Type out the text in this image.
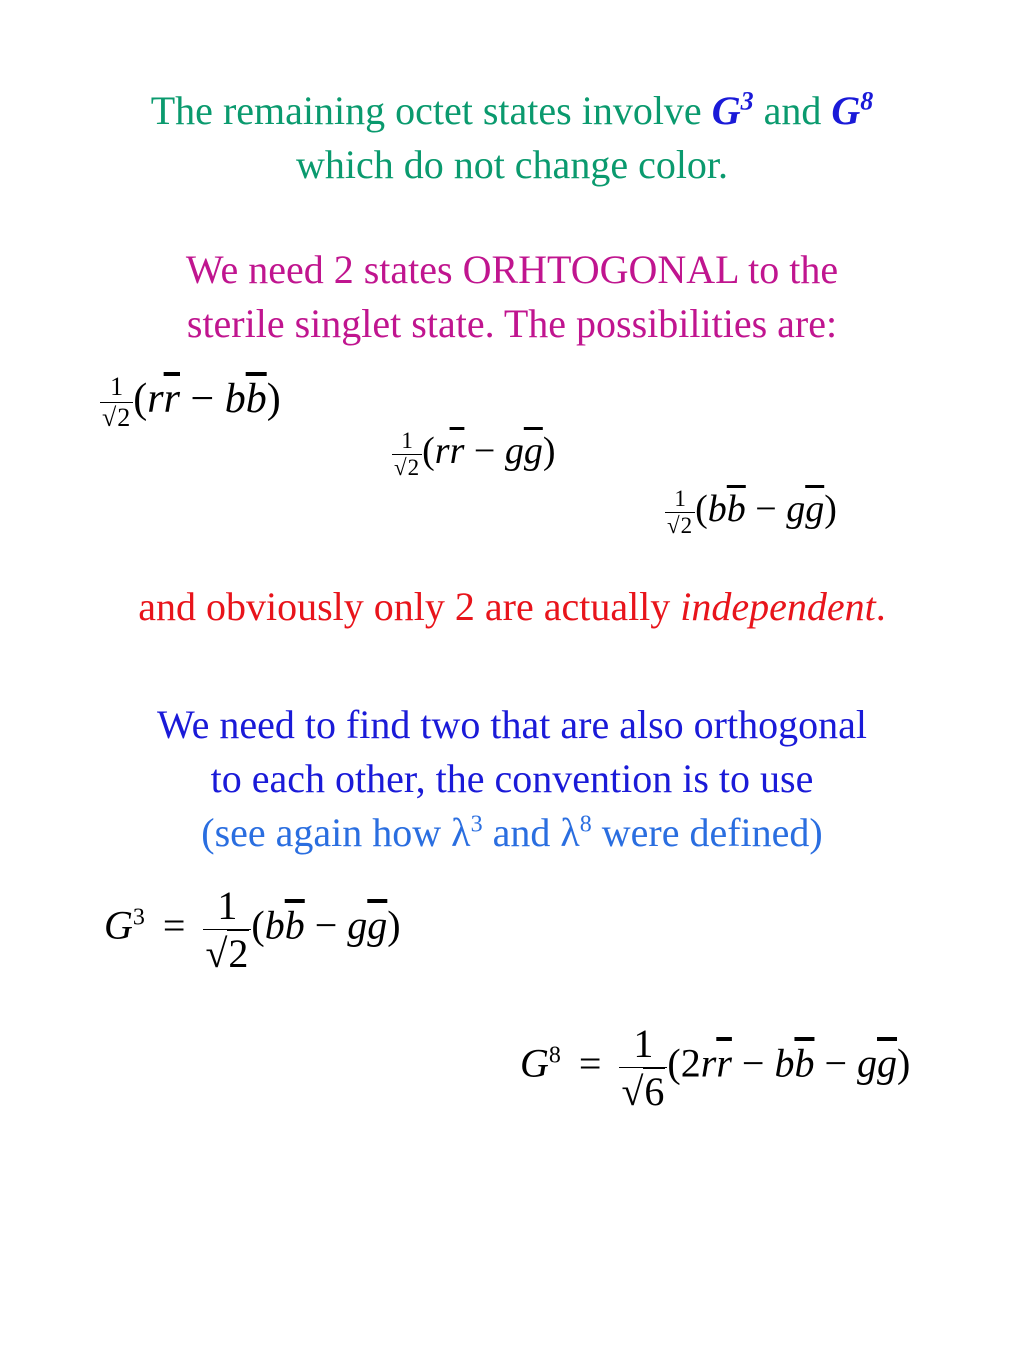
The remaining octet states involve $G^3$ and $G^8$
which do not change color.
We need 2 states ORHTOGONAL to the
sterile singlet state. The possibilities are:
$\frac{1}{√2} (r\overline{r} - b\overline{b})$
$\frac{1}{√2} (r\overline{r} - g\overline{g})$
$\frac{1}{√2} (b\overline{b} - g\overline{g})$
and obviously only 2 are actually independent.
We need to find two that are also orthogonal
to each other, the convention is to use
(see again how $\lambda^3$ and $\lambda^8$ were defined)
$G^3 = \frac{1}{√2} (b\overline{b} - g\overline{g})$
$G^8 = \frac{1}{√6} (2r\overline{r} - b\overline{b} - g\overline{g})$
